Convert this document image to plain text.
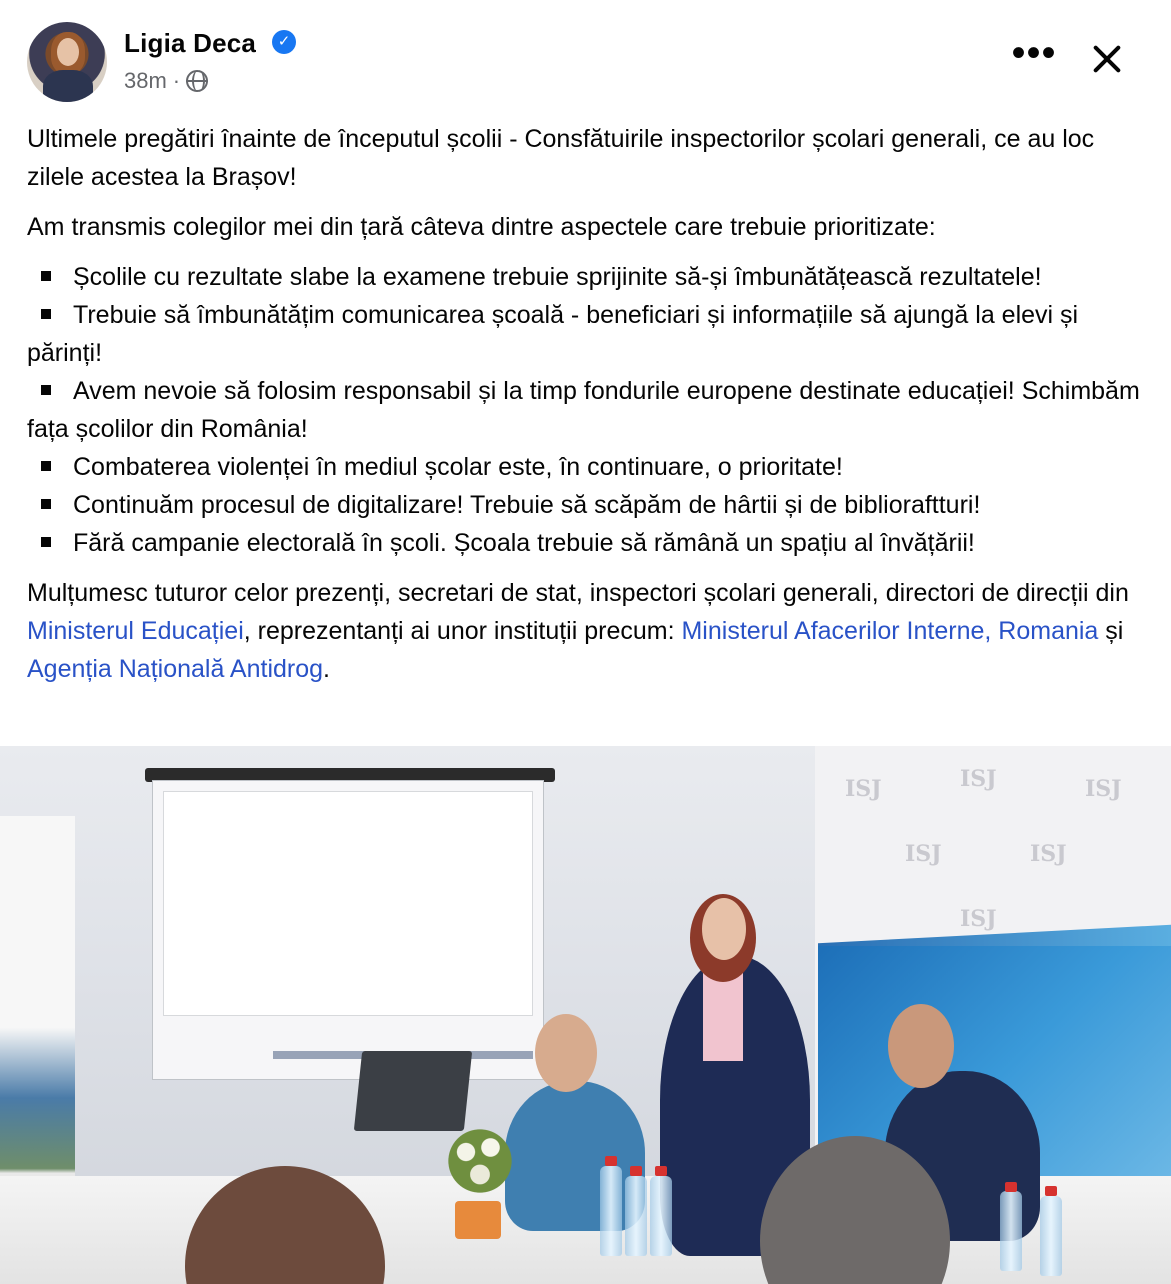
Ligia Deca	✓
38m ·
•••

Ultimele pregătiri înainte de începutul școlii - Consfătuirile inspectorilor școlari generali, ce au loc zilele acestea la Brașov!

Am transmis colegilor mei din țară câteva dintre aspectele care trebuie prioritizate:

Școlile cu rezultate slabe la examene trebuie sprijinite să-și îmbunătățească rezultatele!
Trebuie să îmbunătățim comunicarea școală - beneficiari și informațiile să ajungă la elevi și părinți!
Avem nevoie să folosim responsabil și la timp fondurile europene destinate educației! Schimbăm fața școlilor din România!
Combaterea violenței în mediul școlar este, în continuare, o prioritate!
Continuăm procesul de digitalizare! Trebuie să scăpăm de hârtii și de biblioraftturi!
Fără campanie electorală în școli. Școala trebuie să rămână un spațiu al învățării!

Mulțumesc tuturor celor prezenți, secretari de stat, inspectori școlari generali, directori de direcții din Ministerul Educației, reprezentanți ai unor instituții precum: Ministerul Afacerilor Interne, Romania și Agenția Națională Antidrog.

ISJ	ISJ	ISJ
ISJ	ISJ
ISJ
